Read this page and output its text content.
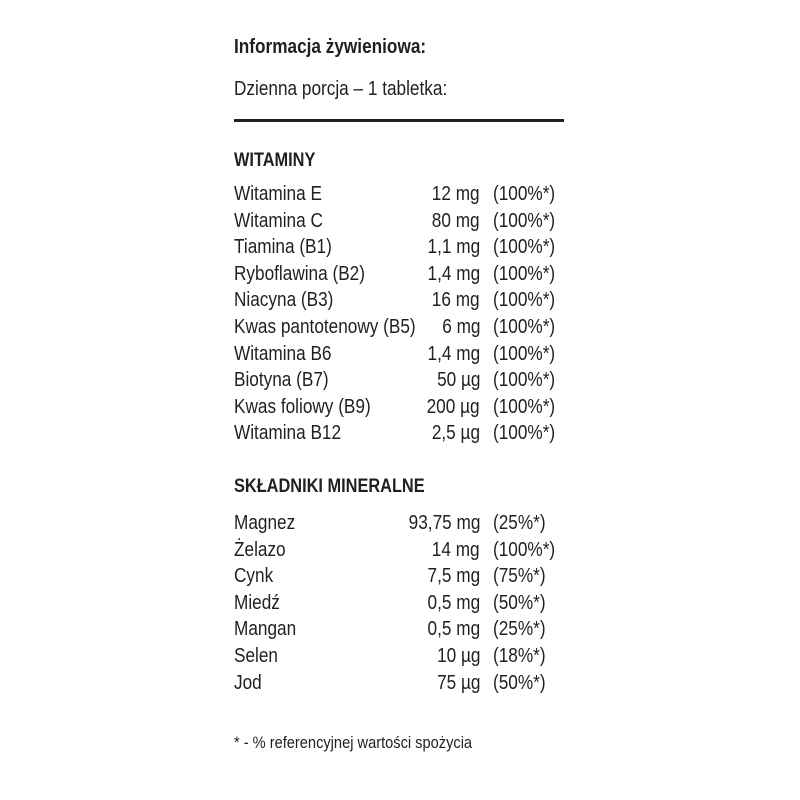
Informacja żywieniowa:
Dzienna porcja – 1 tabletka:
WITAMINY
Witamina E	12 mg (100%*)
Witamina C	80 mg (100%*)
Tiamina (B1)	1,1 mg (100%*)
Ryboflawina (B2)	1,4 mg (100%*)
Niacyna (B3)	16 mg (100%*)
Kwas pantotenowy (B5) 6 mg (100%*)
Witamina B6	1,4 mg (100%*)
Biotyna (B7)	50 µg (100%*)
Kwas foliowy (B9)	200 µg (100%*)
Witamina B12	2,5 µg (100%*)
SKŁADNIKI MINERALNE
Magnez	93,75 mg (25%*)
Żelazo	14 mg (100%*)
Cynk	7,5 mg (75%*)
Miedź	0,5 mg (50%*)
Mangan	0,5 mg (25%*)
Selen	10 µg (18%*)
Jod	75 µg (50%*)
* - % referencyjnej wartości spożycia
